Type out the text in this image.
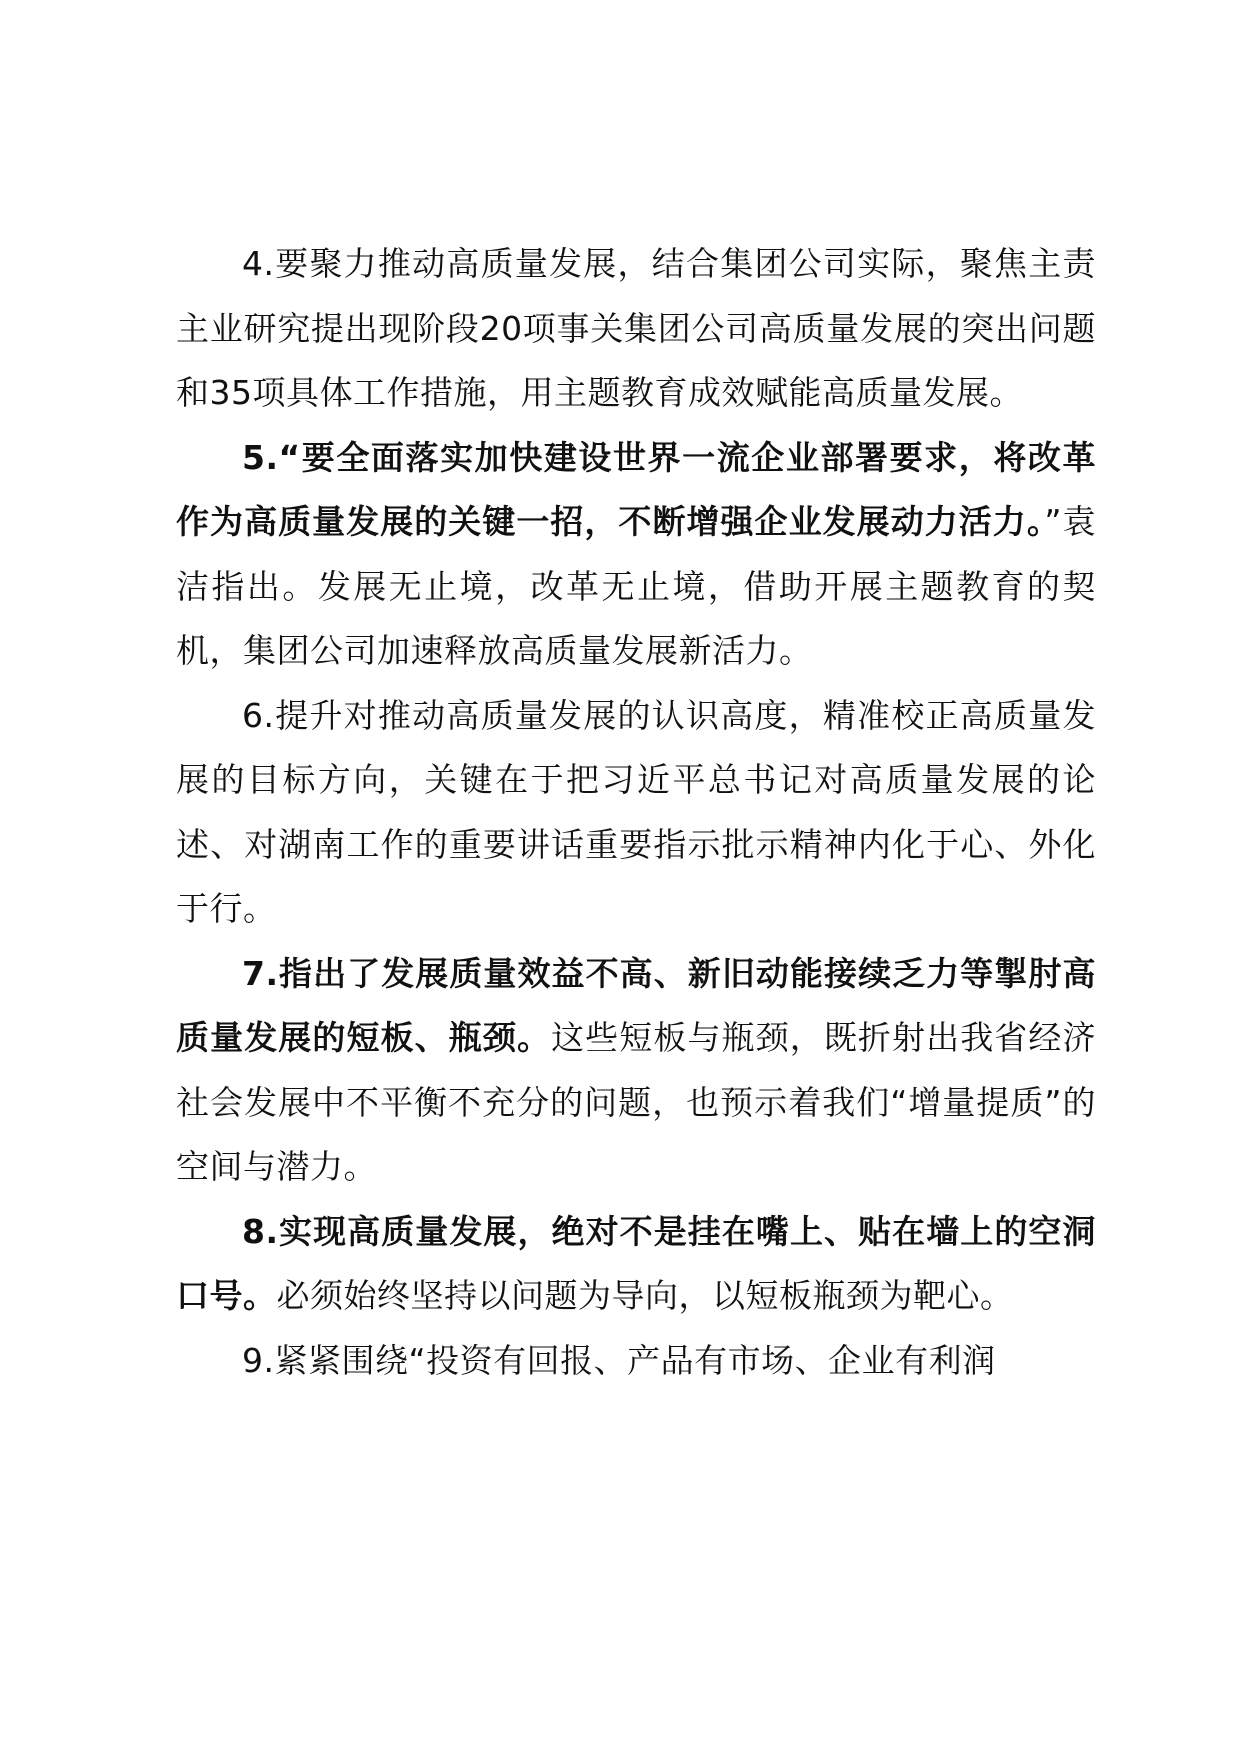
4.要聚力推动高质量发展，结合集团公司实际，聚焦主责主业研究提出现阶段20项事关集团公司高质量发展的突出问题和35项具体工作措施，用主题教育成效赋能高质量发展。

5.“要全面落实加快建设世界一流企业部署要求，将改革作为高质量发展的关键一招，不断增强企业发展动力活力。”袁洁指出。发展无止境，改革无止境，借助开展主题教育的契机，集团公司加速释放高质量发展新活力。

6.提升对推动高质量发展的认识高度，精准校正高质量发展的目标方向，关键在于把习近平总书记对高质量发展的论述、对湖南工作的重要讲话重要指示批示精神内化于心、外化于行。

7.指出了发展质量效益不高、新旧动能接续乏力等掣肘高质量发展的短板、瓶颈。这些短板与瓶颈，既折射出我省经济社会发展中不平衡不充分的问题，也预示着我们“增量提质”的空间与潜力。

8.实现高质量发展，绝对不是挂在嘴上、贴在墙上的空洞口号。必须始终坚持以问题为导向，以短板瓶颈为靶心。

9.紧紧围绕“投资有回报、产品有市场、企业有利润
